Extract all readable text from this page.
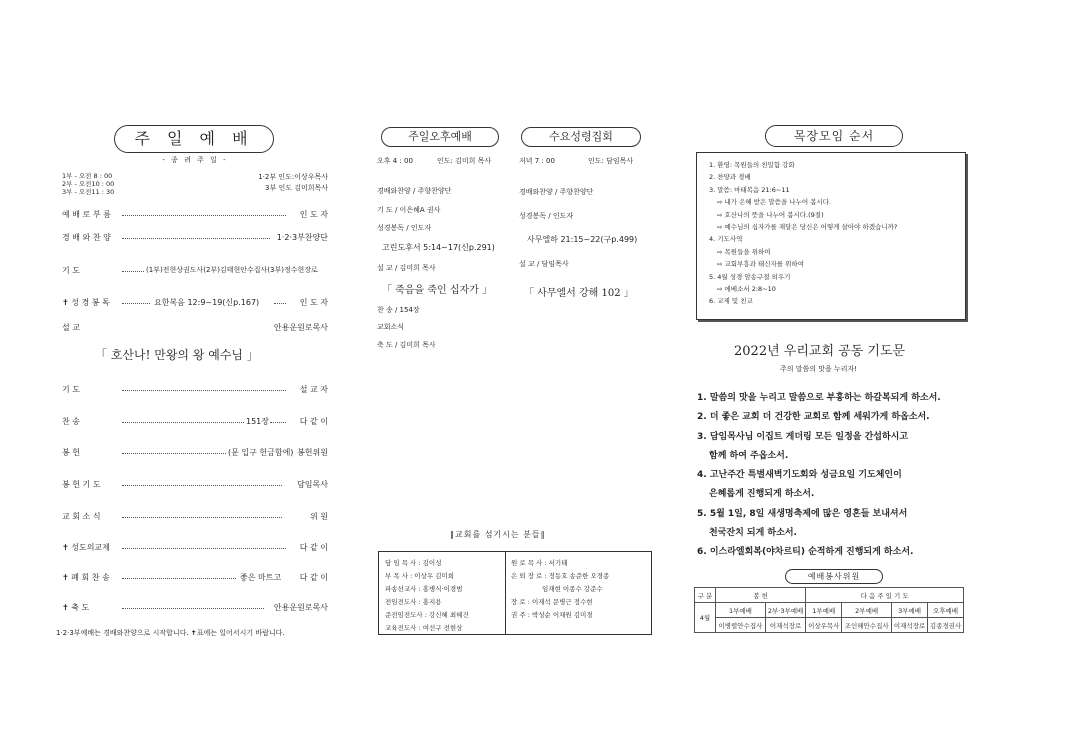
주 일 예 배
- 종 려 주 일 -
1부 - 오전 8 : 00
2부 - 오전10 : 00
3부 - 오전11 : 30
1·2부 인도:이상우목사
3부 인도 김미희목사
예 배 로 부 름	인 도 자
경 배 와 찬 양	1·2·3부찬양단
기 도	(1부)전현상권도사(2부)김태현안수집사(3부)정수현장로
✝ 성 경 봉 독	요한복음 12:9~19(신p.167)	인 도 자
설 교	안용운원로목사
「 호산나! 만왕의 왕 예수님 」
기 도	설 교 자
찬 송	151장	다 같 이
봉 헌	(문 입구 헌금함에) 봉헌위원
봉 헌 기 도	담임목사
교 회 소 식	위 원
✝ 성도의교제	다 같 이
✝ 폐 회 찬 송	좋은 마트고 다 같 이
✝ 축 도	안용운원로목사
1·2·3부예배는 경배와찬양으로 시작합니다. ✝표에는 일어서시기 바랍니다.
주일오후예배	수요성령집회
오후 4 : 00	인도: 김미희 목사	저녁 7 : 00	인도: 담임목사
경배와찬양 / 주향찬양단
기 도 / 이은혜A 권사
성경봉독 / 인도자
고린도후서 5:14~17(신p.291)
설 교 / 김미희 목사
「 죽음을 죽인 십자가 」
찬 송 / 154장
교회소식
축 도 / 김미희 목사
경배와찬양 / 주향찬양단
성경봉독 / 인도자
사무엘하 21:15~22(구p.499)
설 교 / 담임목사
「 사무엘서 강해 102 」
∥교회를 섬기시는 분들∥
담 임 목 사 : 김이성
부 목 사 : 이상우 김미희
파송선교사 : 홍병식·이경범
전임전도사 : 홍지용
준전임전도사 : 강신혜 최혜건
교육전도사 : 여선구 전현상
원 로 목 사 : 서기태
은 퇴 장 로 : 정동호 송준한 오경종
임재현 이종수 강준수
장 로 : 이재석 문병근 정수현
권 주 : 박성순 이채원 김미경
목장모임 순서
1. 환영: 목원들의 친밀함 강화
2. 찬양과 경배
3. 말씀: 마태복음 21:6~11
⇨ 내가 은혜 받은 말씀을 나누어 봅시다.
⇨ 호산나의 뜻을 나누어 봅시다.(9절)
⇨ 예수님의 십자가를 재달은 당신은 어떻게 살아야 하겠습니까?
4. 기도사역
⇨ 목원들을 위하여
⇨ 교회부흥과 태신자를 위하여
5. 4월 성경 암송구절 외우기
⇨ 에베소서 2:8~10
6. 교제 및 친교
2022년 우리교회 공동 기도문
주의 말씀의 맛을 누리자!
1. 말씀의 맛을 누리고 말씀으로 부흥하는 하갈복되게 하소서.
2. 더 좋은 교회 더 건강한 교회로 함께 세워가게 하옵소서.
3. 담임목사님 이집트 게더링 모든 일정을 간섭하시고
함께 하여 주옵소서.
4. 고난주간 특별새벽기도회와 성금요일 기도체인이
은혜롭게 진행되게 하소서.
5. 5월 1일, 8일 새생명축제에 많은 영혼들 보내셔서
천국잔치 되게 하소서.
6. 이스라엘회복(야차르티) 순적하게 진행되게 하소서.
예배봉사위원
구 분	봉 헌		다 음 주 일 기 도			
4월	1부예배	2부·3부예배	1부예배	2부예배	3부예배	오후예배
	이병렬안수집사	이재석장로	이상우목사	조인해안수집사	이재석장로	김종경권사
